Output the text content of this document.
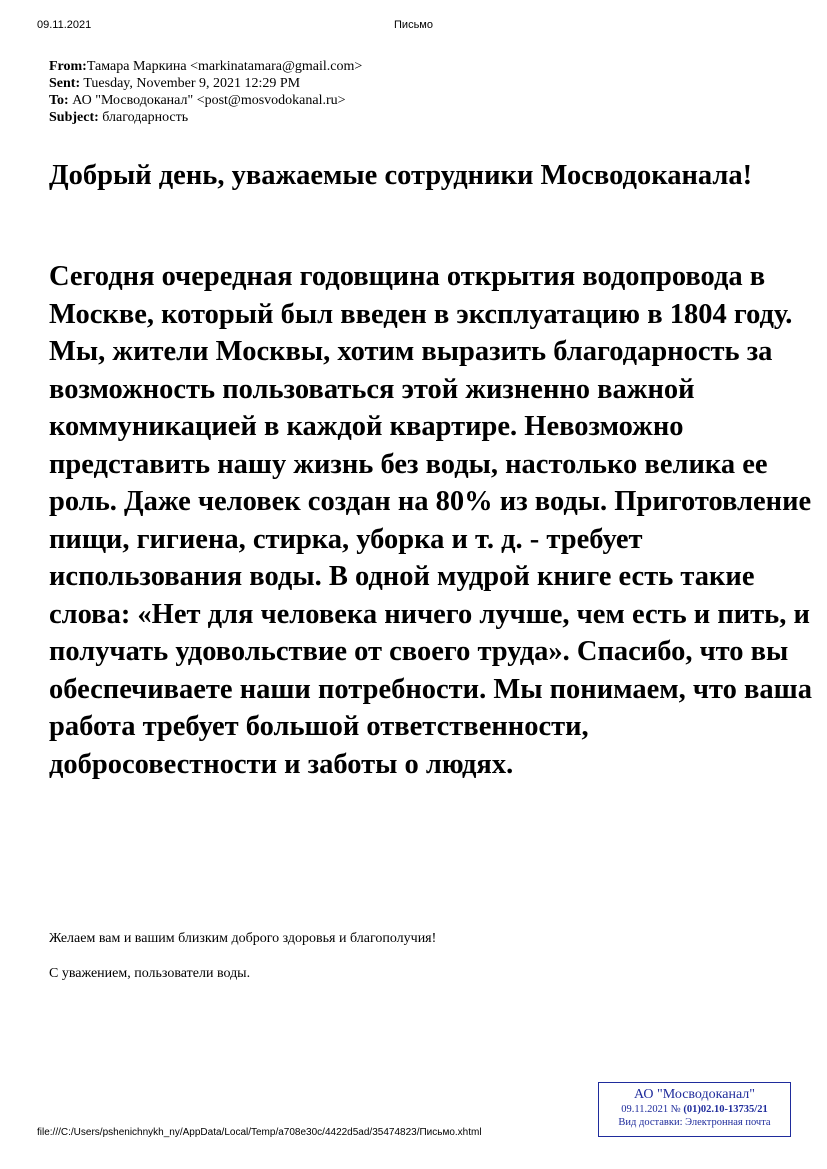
09.11.2021	Письмо
From:Тамара Маркина <markinatamara@gmail.com>
Sent: Tuesday, November 9, 2021 12:29 PM
To: АО "Мосводоканал" <post@mosvodokanal.ru>
Subject: благодарность
Добрый день, уважаемые сотрудники Мосводоканала!
Сегодня очередная годовщина открытия водопровода в Москве, который был введен в эксплуатацию в 1804 году. Мы, жители Москвы, хотим выразить благодарность за возможность пользоваться этой жизненно важной коммуникацией в каждой квартире. Невозможно представить нашу жизнь без воды, настолько велика ее роль. Даже человек создан на 80% из воды. Приготовление пищи, гигиена, стирка, уборка и т. д. - требует использования воды. В одной мудрой книге есть такие слова: «Нет для человека ничего лучше, чем есть и пить, и получать удовольствие от своего труда». Спасибо, что вы обеспечиваете наши потребности. Мы понимаем, что ваша работа требует большой ответственности, добросовестности и заботы о людях.
Желаем вам и вашим близким доброго здоровья и благополучия!
С уважением, пользователи воды.
file:///C:/Users/pshenichnykh_ny/AppData/Local/Temp/a708e30c/4422d5ad/35474823/Письмо.xhtml
АО "Мосводоканал"
09.11.2021 № (01)02.10-13735/21
Вид доставки: Электронная почта
